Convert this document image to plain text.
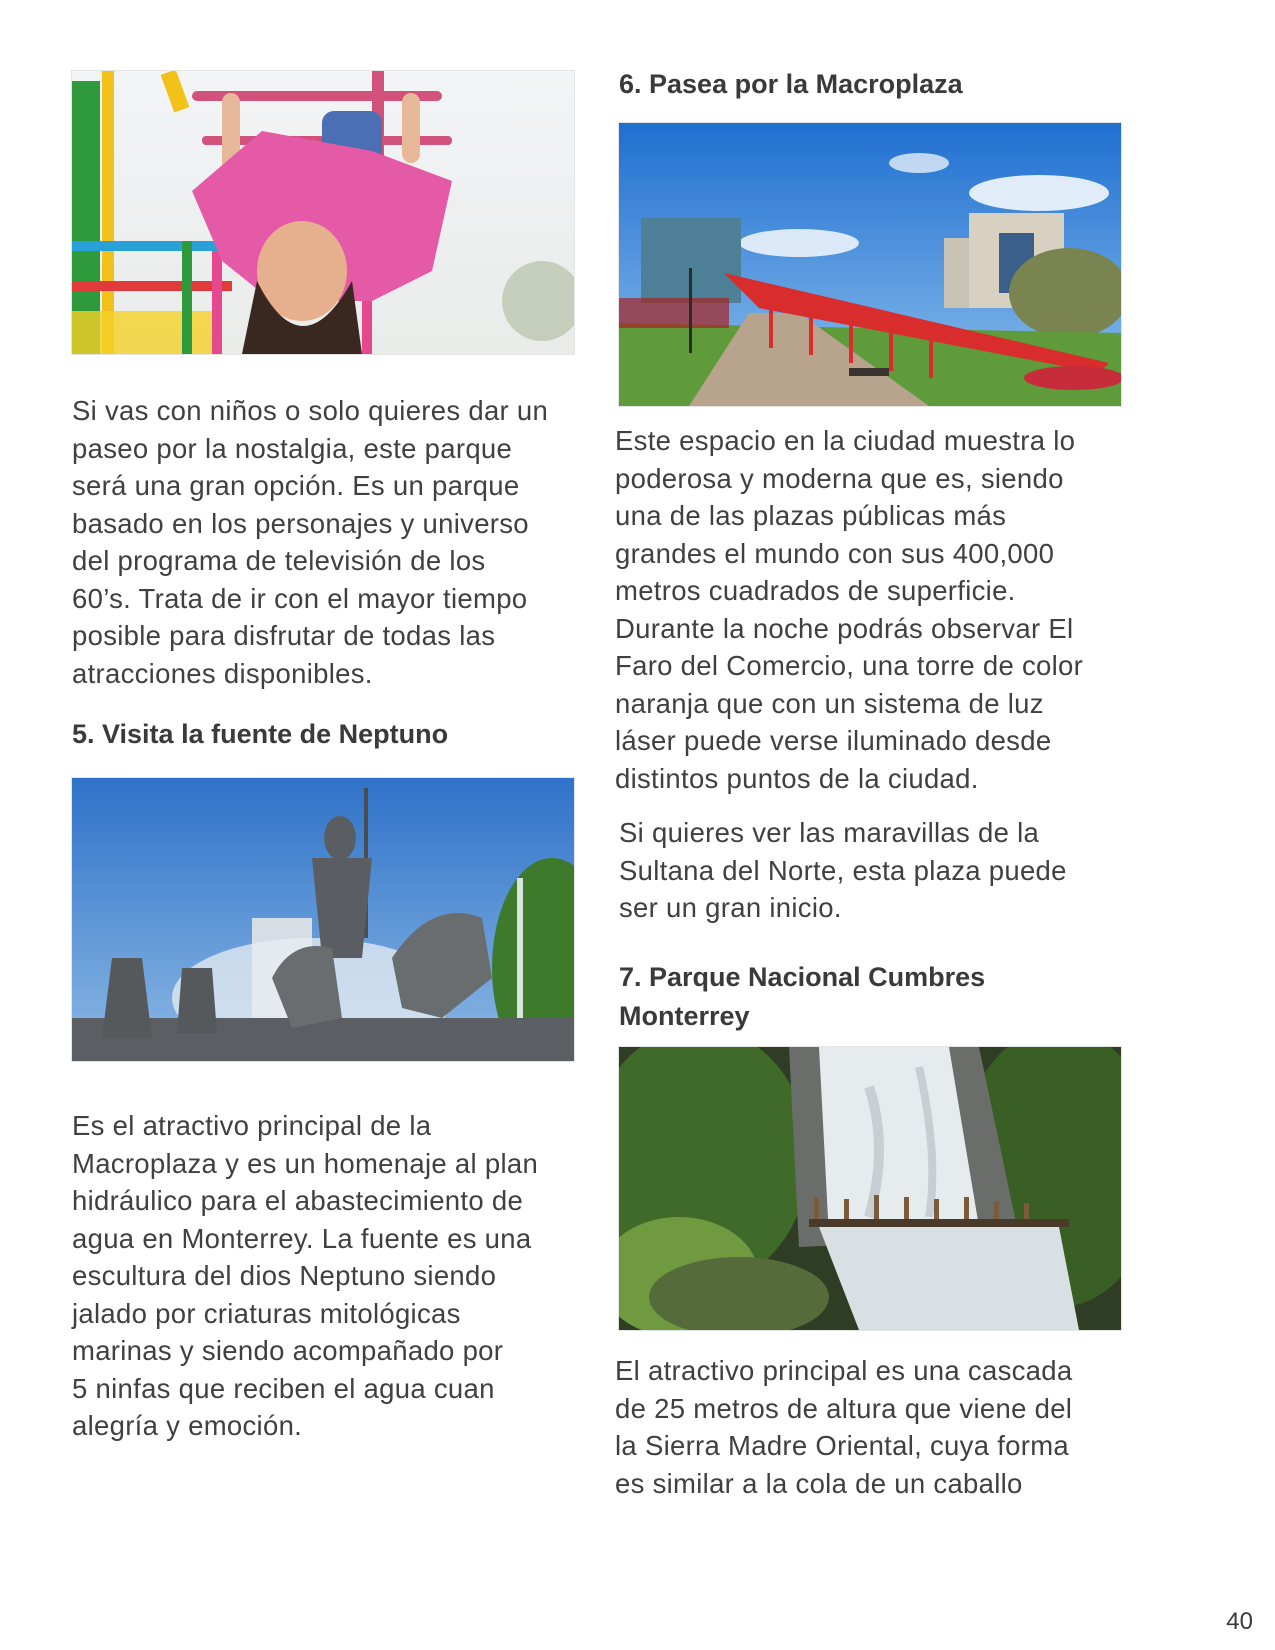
Si vas con niños o solo quieres dar un
paseo por la nostalgia, este parque
será una gran opción. Es un parque
basado en los personajes y universo
del programa de televisión de los
60’s. Trata de ir con el mayor tiempo
posible para disfrutar de todas las
atracciones disponibles.

5. Visita la fuente de Neptuno

Es el atractivo principal de la
Macroplaza y es un homenaje al plan
hidráulico para el abastecimiento de
agua en Monterrey. La fuente es una
escultura del dios Neptuno siendo
jalado por criaturas mitológicas
marinas y siendo acompañado por
5 ninfas que reciben el agua cuan
alegría y emoción.

6. Pasea por la Macroplaza

Este espacio en la ciudad muestra lo
poderosa y moderna que es, siendo
una de las plazas públicas más
grandes el mundo con sus 400,000
metros cuadrados de superficie.
Durante la noche podrás observar El
Faro del Comercio, una torre de color
naranja que con un sistema de luz
láser puede verse iluminado desde
distintos puntos de la ciudad.

Si quieres ver las maravillas de la
Sultana del Norte, esta plaza puede
ser un gran inicio.

7. Parque Nacional Cumbres
Monterrey

El atractivo principal es una cascada
de 25 metros de altura que viene del
la Sierra Madre Oriental, cuya forma
es similar a la cola de un caballo

40
